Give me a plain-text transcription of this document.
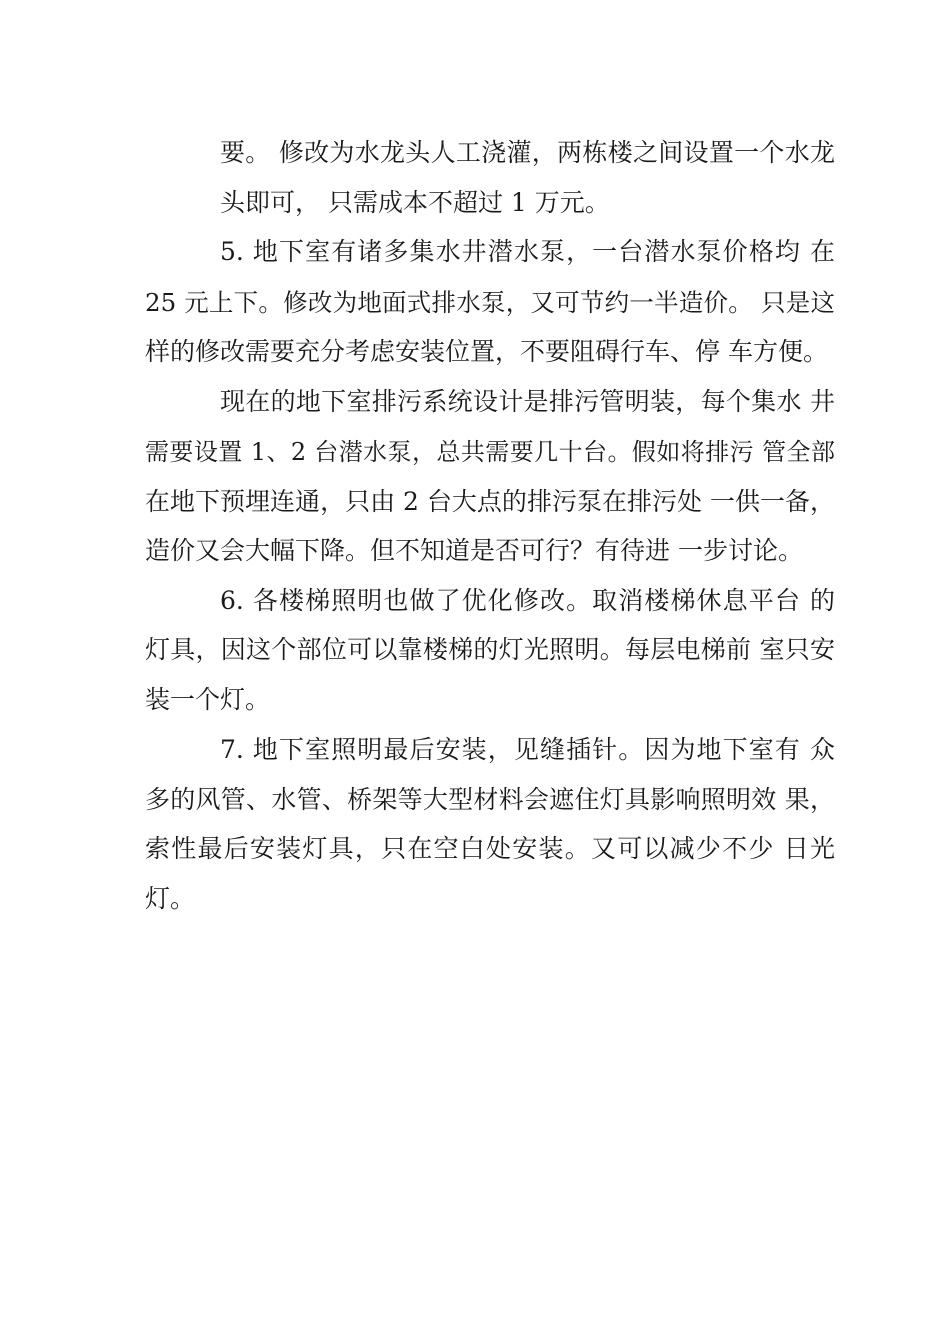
要。 修改为水龙头人工浇灌，两栋楼之间设置一个水龙

头即可， 只需成本不超过 1 万元。

5. 地下室有诸多集水井潜水泵，一台潜水泵价格均 在

25 元上下。修改为地面式排水泵，又可节约一半造价。 只是这

样的修改需要充分考虑安装位置，不要阻碍行车、停 车方便。

现在的地下室排污系统设计是排污管明装，每个集水 井

需要设置 1、2 台潜水泵，总共需要几十台。假如将排污 管全部

在地下预埋连通，只由 2 台大点的排污泵在排污处 一供一备，

造价又会大幅下降。但不知道是否可行？有待进 一步讨论。

6. 各楼梯照明也做了优化修改。取消楼梯休息平台 的

灯具，因这个部位可以靠楼梯的灯光照明。每层电梯前 室只安

装一个灯。

7. 地下室照明最后安装，见缝插针。因为地下室有 众

多的风管、水管、桥架等大型材料会遮住灯具影响照明效 果，

索性最后安装灯具，只在空白处安装。又可以减少不少 日光

灯。
